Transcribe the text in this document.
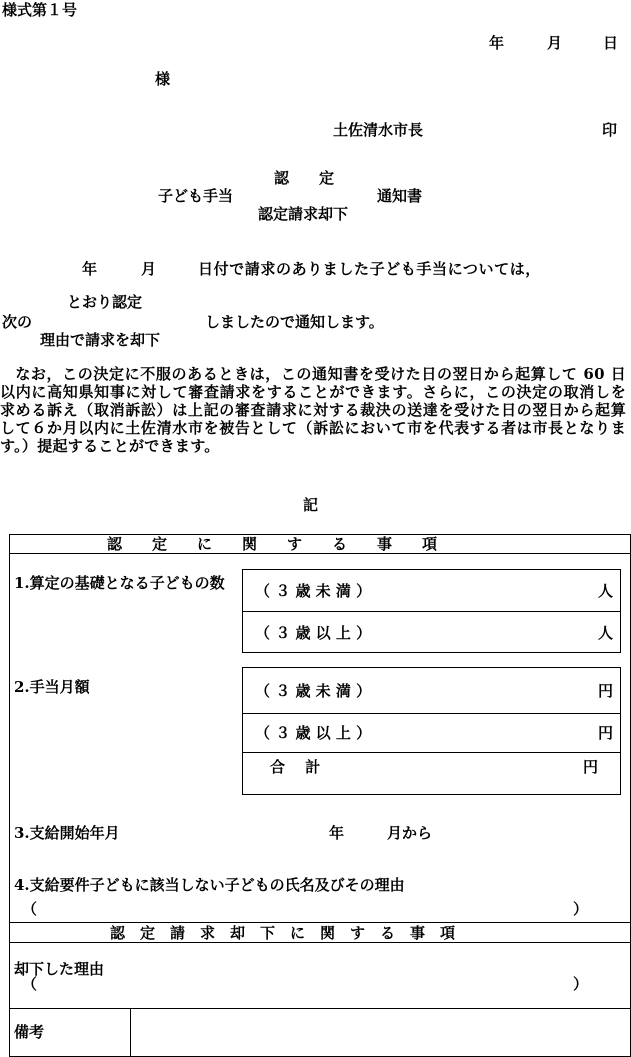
様式第１号
年	月	日
様
土佐清水市長	印
認　　定
子ども手当	通知書
認定請求却下
年	月	日付で請求のありました子ども手当については，
とおり認定
次の	しましたので通知します。
理由で請求を却下
なお，この決定に不服のあるときは，この通知書を受けた日の翌日から起算して 60 日以内に高知県知事に対して審査請求をすることができます。さらに，この決定の取消しを求める訴え（取消訴訟）は上記の審査請求に対する裁決の送達を受けた日の翌日から起算して６か月以内に土佐清水市を被告として（訴訟において市を代表する者は市長となります。）提起することができます。
記
認　　定　　に　　関　　す　　る　　事　　項
1.算定の基礎となる子どもの数 （ ３ 歳 未 満 ）	人
（ ３ 歳 以 上 ）	人
2.手当月額	（ ３ 歳 未 満 ）	円
（ ３ 歳 以 上 ）	円
合　 計	円
3.支給開始年月	年	月から
4.支給要件子どもに該当しない子どもの氏名及びその理由
（	）
認　定　請　求　却　下　に　関　す　る　事　項
却下した理由
（	）
備考
